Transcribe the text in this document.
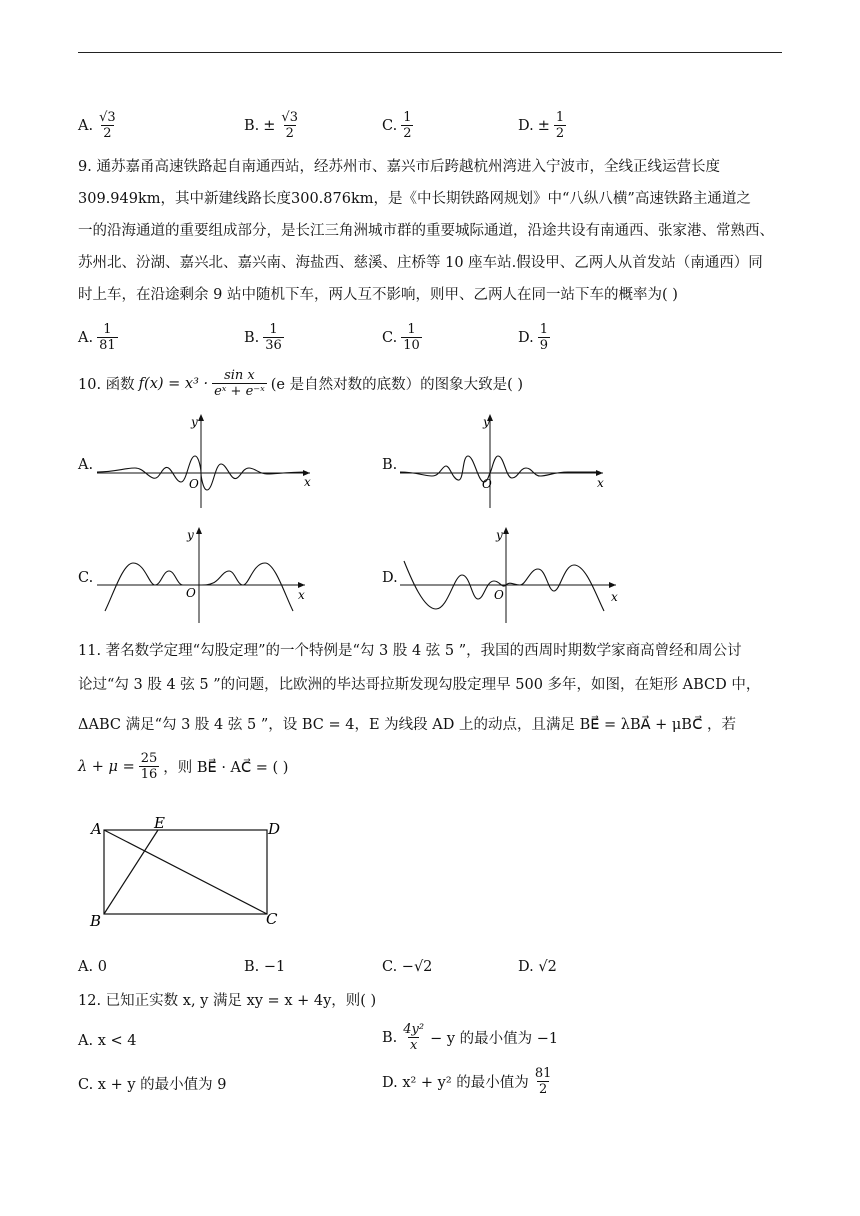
A. $\frac{√3}{2}$	B. ± $\frac{√3}{2}$	C. $\frac{1}{2}$	D. ± $\frac{1}{2}$
9. 通苏嘉甬高速铁路起自南通西站，经苏州市、嘉兴市后跨越杭州湾进入宁波市，全线正线运营长度
309.949km，其中新建线路长度300.876km，是《中长期铁路网规划》中“八纵八横”高速铁路主通道之
一的沿海通道的重要组成部分，是长江三角洲城市群的重要城际通道，沿途共设有南通西、张家港、常熟西、
苏州北、汾湖、嘉兴北、嘉兴南、海盐西、慈溪、庄桥等 10 座车站.假设甲、乙两人从首发站（南通西）同
时上车，在沿途剩余 9 站中随机下车，两人互不影响，则甲、乙两人在同一站下车的概率为( )
A. $\frac{1}{81}$	B. $\frac{1}{36}$	C. $\frac{1}{10}$	D. $\frac{1}{9}$
10. 函数 $f(x) = x^3 \cdot \frac{\text{sin x}}{\text{eˣ + e⁻ˣ}} (e$ 是自然对数的底数）的图象大致是( )
A.	B.
C.	D.
y
x
O
y
x
O
y
x
O
y
x
O
11. 著名数学定理“勾股定理”的一个特例是“勾 3 股 4 弦 5 ”，我国的西周时期数学家商高曾经和周公讨
论过“勾 3 股 4 弦 5 ”的问题，比欧洲的毕达哥拉斯发现勾股定理早 500 多年，如图，在矩形 ABCD 中，
ΔABC 满足“勾 3 股 4 弦 5 ”，设 BC = 4，E 为线段 AD 上的动点，且满足 BE⃗ = λBA⃗ + μBC⃗ ，若
$\lambda + \mu = \frac{25}{16}$ ，则 BE⃗ · AC⃗ = ( )
A	E	D
B	C
A. 0	B. −1	C. −√2	D. √2
12. 已知正实数 x, y 满足 xy = x + 4y，则( )
A. x < 4	B. $\frac{\text{4y²}}{x} - y$ 的最小值为 −1
C. x + y 的最小值为 9	D. x² + y² 的最小值为 $\frac{81}{2}$
